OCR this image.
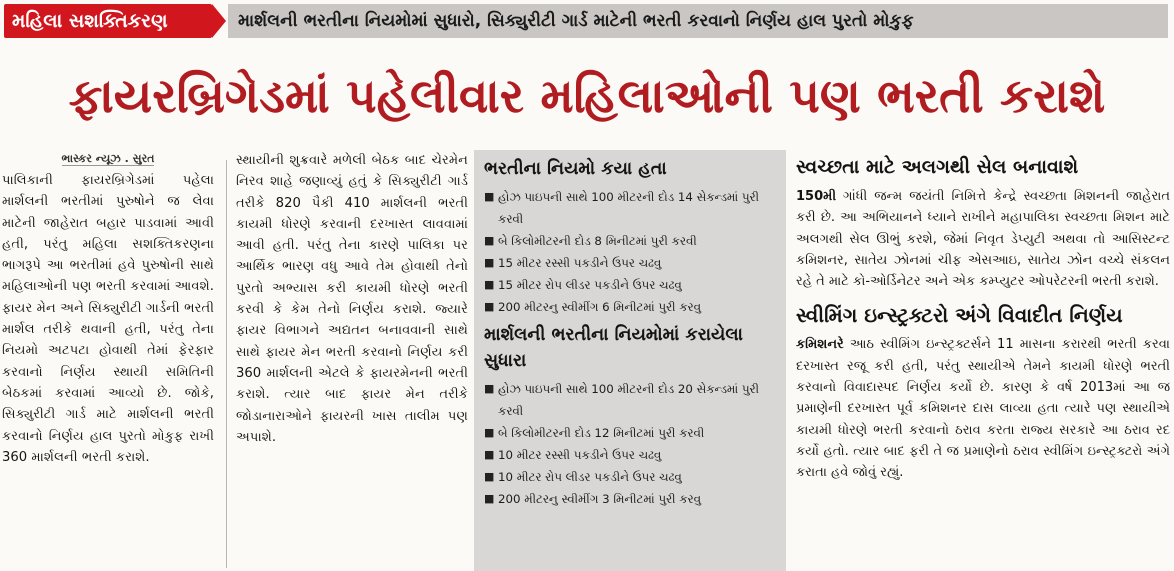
મહિલા સશક્તિકરણ	માર્શલની ભરતીના નિયમોમાં સુધારો, સિક્યુરીટી ગાર્ડ માટેની ભરતી કરવાનો નિર્ણય હાલ પુરતો મોકુફ
ફાયરબ્રિગેડમાં પહેલીવાર મહિલાઓની પણ ભરતી કરાશે
ભાસ્કર ન્યૂઝ . સુરત

પાલિકાની ફાયરબ્રિગેડમાં પહેલા માર્શલની ભરતીમાં પુરુષોને જ લેવા માટેની જાહેરાત બહાર પાડવામાં આવી હતી, પરંતુ મહિલા સશક્તિકરણના ભાગરૂપે આ ભરતીમાં હવે પુરુષોની સાથે મહિલાઓની પણ ભરતી કરવામાં આવશે. ફાયર મેન અને સિક્યુરીટી ગાર્ડની ભરતી માર્શલ તરીકે થવાની હતી, પરંતુ તેના નિયમો અટપટા હોવાથી તેમાં ફેરફાર કરવાનો નિર્ણય સ્થાયી સમિતિની બેઠકમાં કરવામાં આવ્યો છે. જોકે, સિક્યુરીટી ગાર્ડ માટે માર્શલની ભરતી કરવાનો નિર્ણય હાલ પુરતો મોકુફ રાખી 360 માર્શલની ભરતી કરાશે.

સ્થાયીની શુક્રવારે મળેલી બેઠક બાદ ચેરમેન નિરવ શાહે જણાવ્યું હતું કે સિક્યુરીટી ગાર્ડ તરીકે 820 પૈકી 410 માર્શલની ભરતી કાયમી ધોરણે કરવાની દરખાસ્ત લાવવામાં આવી હતી. પરંતુ તેના કારણે પાલિકા પર આર્થિક ભારણ વધુ આવે તેમ હોવાથી તેનો પુરતો અભ્યાસ કરી કાયમી ધોરણે ભરતી કરવી કે કેમ તેનો નિર્ણય કરાશે. જ્યારે ફાયર વિભાગને અદ્યતન બનાવવાની સાથે સાથે ફાયર મેન ભરતી કરવાનો નિર્ણય કરી 360 માર્શલની એટલે કે ફાયરમેનની ભરતી કરાશે. ત્યાર બાદ ફાયર મેન તરીકે જોડાનારાઓને ફાયરની ખાસ તાલીમ પણ અપાશે.

ભરતીના નિયમો કયા હતા
■ હોઝ પાઇપની સાથે 100 મીટરની દોડ 14 સેકન્ડમાં પુરી કરવી
■ બે કિલોમીટરની દોડ 8 મિનીટમાં પુરી કરવી
■ 15 મીટર રસ્સી પકડીને ઉપર ચઢવુ
■ 15 મીટર રોપ લીડર પકડીને ઉપર ચઢવુ
■ 200 મીટરનુ સ્વીમીંગ 6 મિનીટમાં પુરી કરવુ
માર્શલની ભરતીના નિયમોમાં કરાયેલા સુધારા
■ હોઝ પાઇપની સાથે 100 મીટરની દોડ 20 સેકન્ડમાં પુરી કરવી
■ બે કિલોમીટરની દોડ 12 મિનીટમાં પુરી કરવી
■ 10 મીટર રસ્સી પકડીને ઉપર ચઢવુ
■ 10 મીટર રોપ લીડર પકડીને ઉપર ચઢવુ
■ 200 મીટરનુ સ્વીમીંગ 3 મિનીટમાં પુરી કરવુ
સ્વચ્છતા માટે અલગથી સેલ બનાવાશે

150મી ગાંધી જન્મ જયંતી નિમિત્તે કેન્દ્રે સ્વચ્છતા મિશનની જાહેરાત કરી છે. આ અભિયાનને ધ્યાને રાખીને મહાપાલિકા સ્વચ્છતા મિશન માટે અલગથી સેલ ઊભું કરશે, જેમાં નિવૃત ડેપ્યુટી અથવા તો આસિસ્ટન્ટ કમિશનર, સાતેય ઝોનમાં ચીફ એસઆઇ, સાતેય ઝોન વચ્ચે સંકલન રહે તે માટે કો-ઓર્ડિનેટર અને એક કમ્પ્યુટર ઓપરેટરની ભરતી કરાશે.

સ્વીમિંગ ઇન્સ્ટ્રક્ટરો અંગે વિવાદીત નિર્ણય

કમિશનરે આઠ સ્વીમિંગ ઇન્સ્ટ્રક્ટર્સને 11 માસના કરારથી ભરતી કરવા દરખાસ્ત રજૂ કરી હતી, પરંતુ સ્થાયીએ તેમને કાયમી ધોરણે ભરતી કરવાનો વિવાદાસ્પદ નિર્ણય કર્યો છે. કારણ કે વર્ષ 2013માં આ જ પ્રમાણેની દરખાસ્ત પૂર્વ કમિશનર દાસ લાવ્યા હતા ત્યારે પણ સ્થાયીએ કાયમી ધોરણે ભરતી કરવાનો ઠરાવ કરતા રાજ્ય સરકારે આ ઠરાવ રદ કર્યો હતો. ત્યાર બાદ ફરી તે જ પ્રમાણેનો ઠરાવ સ્વીમિંગ ઇન્સ્ટ્રક્ટરો અંગે કરાતા હવે જોવું રહ્યું.
